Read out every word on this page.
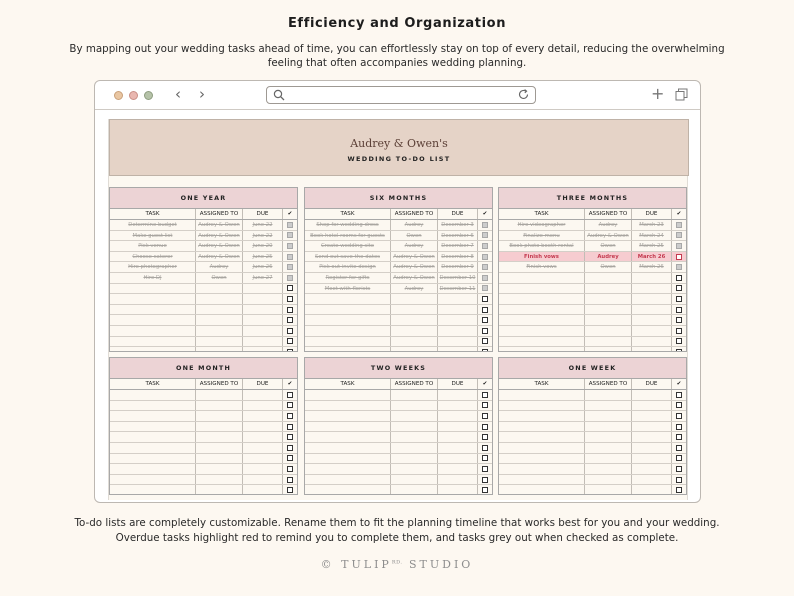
Efficiency and Organization
By mapping out your wedding tasks ahead of time, you can effortlessly stay on top of every detail, reducing the overwhelming feeling that often accompanies wedding planning.
‹ ›	+
Audrey & Owen's
WEDDING TO-DO LIST
ONE YEAR
TASK	ASSIGNED TO	DUE	✔
Determine budget	Audrey & Owen	June 22
Make guest list	Audrey & Owen	June 22
Pick venue	Audrey & Owen	June 20
Choose caterer	Audrey & Owen	June 25
Hire photographer	Audrey	June 26
Hire DJ	Owen	June 27
SIX MONTHS
TASK	ASSIGNED TO	DUE	✔
Shop for wedding dress	Audrey	December 3
Book hotel rooms for guests	Owen	December 6
Create wedding site	Audrey	December 7
Send out save-the-dates	Audrey & Owen	December 8
Pick out invite design	Audrey & Owen	December 9
Register for gifts	Audrey & Owen December 10
Meet with florists	Audrey	December 11
THREE MONTHS
TASK	ASSIGNED TO	DUE	✔
Hire videographer	Audrey	March 23
Finalize menu	Audrey & Owen	March 24
Book photo booth rental	Owen	March 25
Finish vows	Audrey	March 26
Finish vows	Owen	March 26
ONE MONTH
TASK	ASSIGNED TO	DUE	✔
TWO WEEKS
TASK	ASSIGNED TO	DUE	✔
ONE WEEK
TASK	ASSIGNED TO	DUE	✔
To-do lists are completely customizable. Rename them to fit the planning timeline that works best for you and your wedding.
Overdue tasks highlight red to remind you to complete them, and tasks grey out when checked as complete.
© $TULIP^{RD.}$ STUDIO
